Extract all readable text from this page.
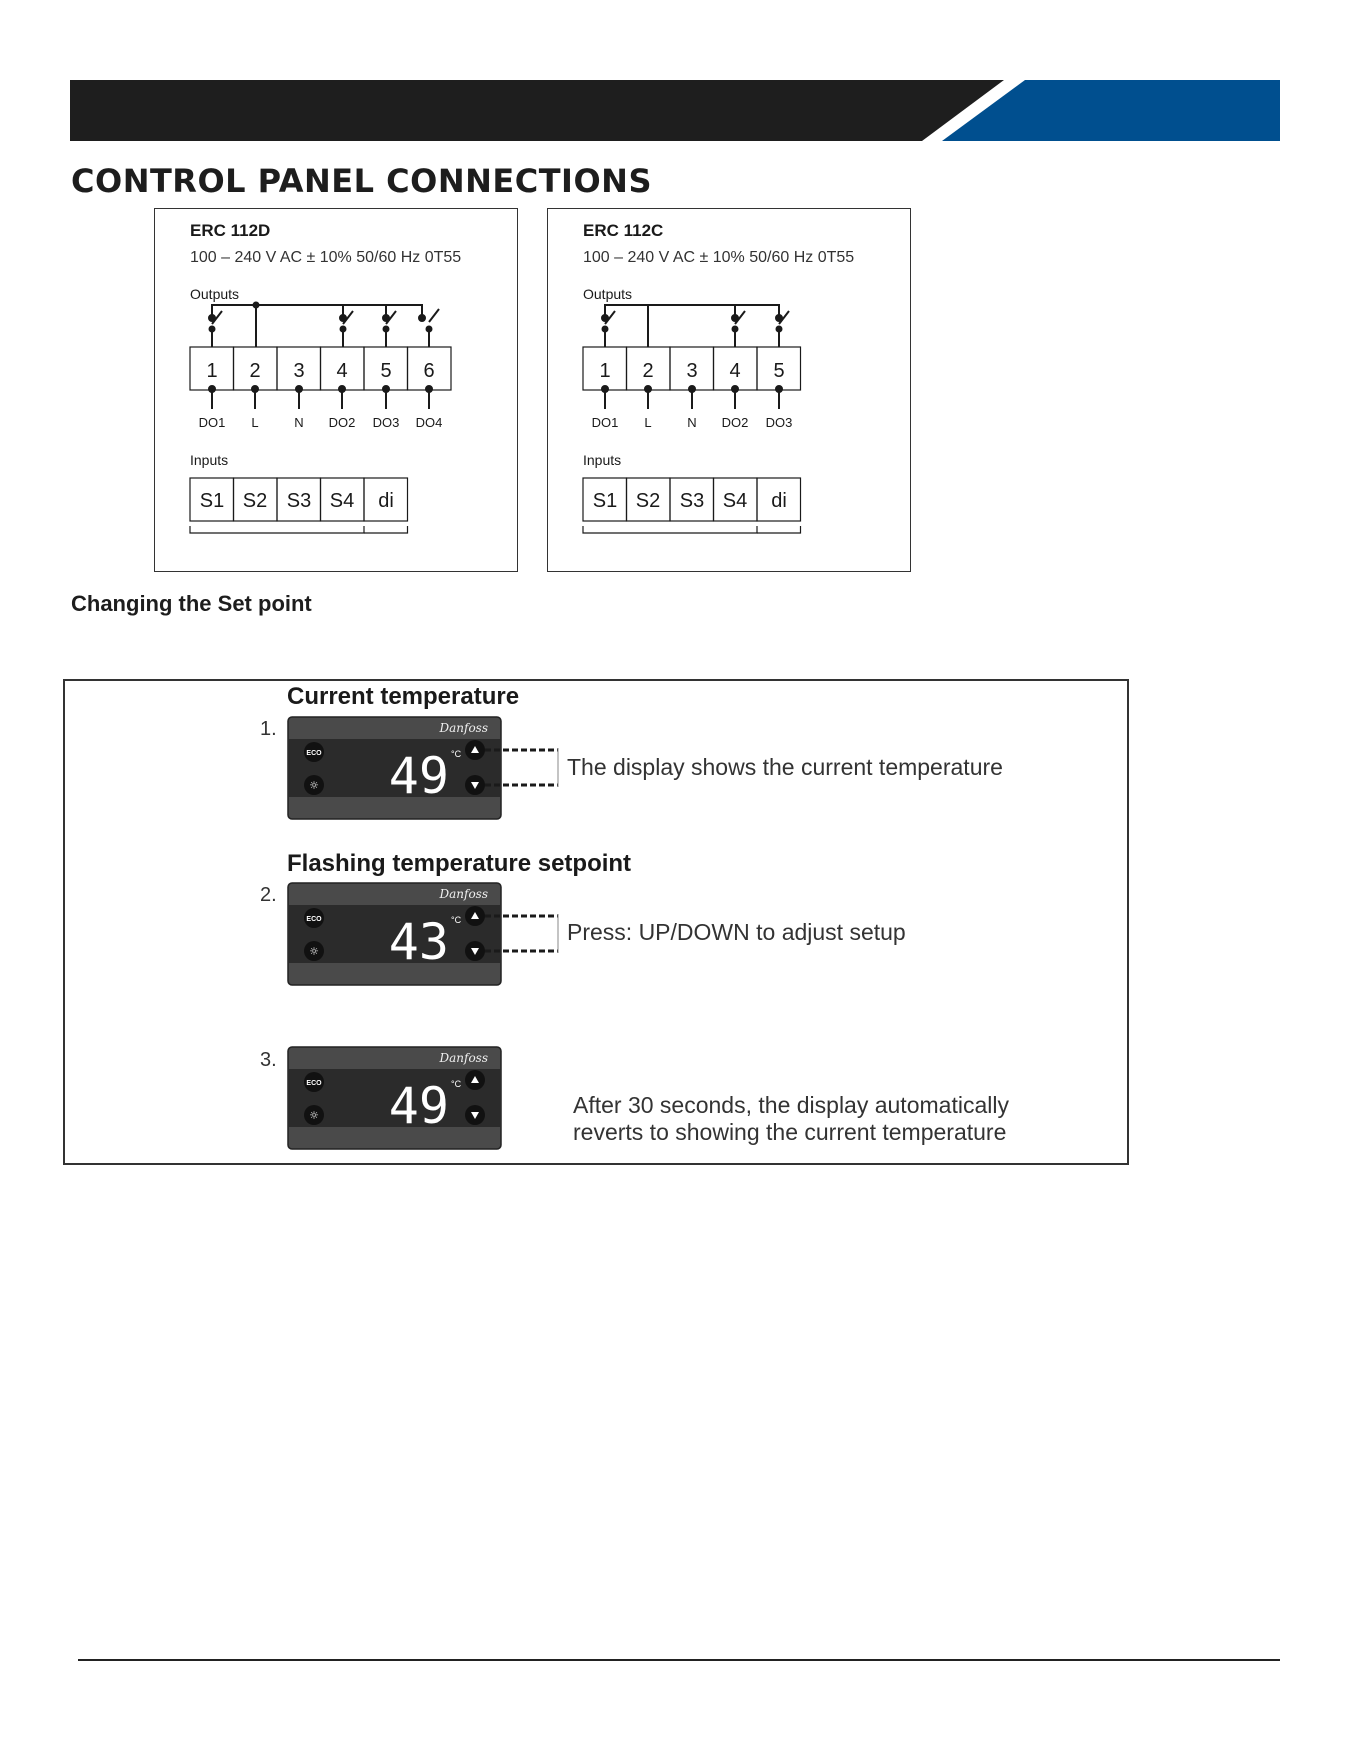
CONTROL PANEL CONNECTIONS
ERC 112D
100 – 240 V AC ± 10% 50/60 Hz 0T55
Outputs
1 2 3 4 5 6
DO1 L	N DO2 DO3 DO4
Inputs
S1 S2 S3 S4 di
ERC 112C
100 – 240 V AC ± 10% 50/60 Hz 0T55
Outputs
1 2 3 4 5
DO1 L	N DO2 DO3
Inputs
S1 S2 S3 S4 di
Changing the Set point
Current temperature
1.	Danfoss
ECO
☼ 49 °C	The display shows the current temperature
Flashing temperature setpoint
2.	Danfoss
ECO
☼ 43 °C	Press: UP/DOWN to adjust setup
3.	Danfoss
ECO
☼ 49 °C
After 30 seconds, the display automatically
reverts to showing the current temperature
